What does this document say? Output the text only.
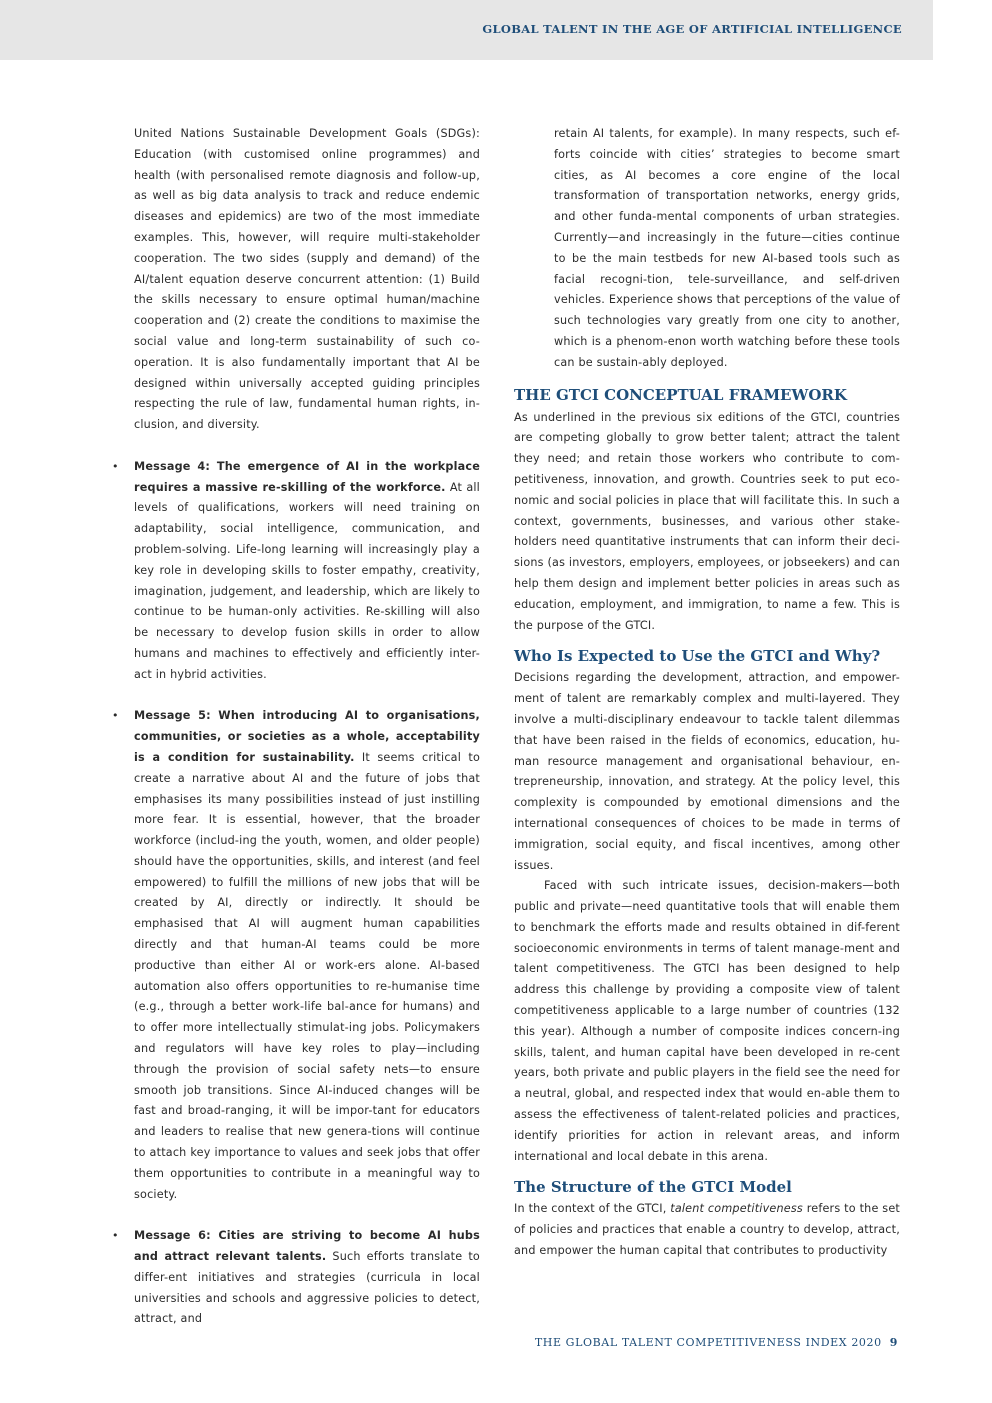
GLOBAL TALENT IN THE AGE OF ARTIFICIAL INTELLIGENCE

United Nations Sustainable Development Goals (SDGs): Education (with customised online programmes) and health (with personalised remote diagnosis and follow-up, as well as big data analysis to track and reduce endemic diseases and epidemics) are two of the most immediate examples. This, however, will require multi-stakeholder cooperation. The two sides (supply and demand) of the AI/talent equation deserve concurrent attention: (1) Build the skills necessary to ensure optimal human/machine cooperation and (2) create the conditions to maximise the social value and long-term sustainability of such co-operation. It is also fundamentally important that AI be designed within universally accepted guiding principles respecting the rule of law, fundamental human rights, in-clusion, and diversity.

• Message 4: The emergence of AI in the workplace requires a massive re-skilling of the workforce. At all levels of qualifications, workers will need training on adaptability, social intelligence, communication, and problem-solving. Life-long learning will increasingly play a key role in developing skills to foster empathy, creativity, imagination, judgement, and leadership, which are likely to continue to be human-only activities. Re-skilling will also be necessary to develop fusion skills in order to allow humans and machines to effectively and efficiently inter-act in hybrid activities.

• Message 5: When introducing AI to organisations, communities, or societies as a whole, acceptability is a condition for sustainability. It seems critical to create a narrative about AI and the future of jobs that emphasises its many possibilities instead of just instilling more fear. It is essential, however, that the broader workforce (includ-ing the youth, women, and older people) should have the opportunities, skills, and interest (and feel empowered) to fulfill the millions of new jobs that will be created by AI, directly or indirectly. It should be emphasised that AI will augment human capabilities directly and that human-AI teams could be more productive than either AI or work-ers alone. AI-based automation also offers opportunities to re-humanise time (e.g., through a better work-life bal-ance for humans) and to offer more intellectually stimulat-ing jobs. Policymakers and regulators will have key roles to play—including through the provision of social safety nets—to ensure smooth job transitions. Since AI-induced changes will be fast and broad-ranging, it will be impor-tant for educators and leaders to realise that new genera-tions will continue to attach key importance to values and seek jobs that offer them opportunities to contribute in a meaningful way to society.

• Message 6: Cities are striving to become AI hubs and attract relevant talents. Such efforts translate to differ-ent initiatives and strategies (curricula in local universities and schools and aggressive policies to detect, attract, and

retain AI talents, for example). In many respects, such ef-forts coincide with cities’ strategies to become smart cities, as AI becomes a core engine of the local transformation of transportation networks, energy grids, and other funda-mental components of urban strategies. Currently—and increasingly in the future—cities continue to be the main testbeds for new AI-based tools such as facial recogni-tion, tele-surveillance, and self-driven vehicles. Experience shows that perceptions of the value of such technologies vary greatly from one city to another, which is a phenom-enon worth watching before these tools can be sustain-ably deployed.

THE GTCI CONCEPTUAL FRAMEWORK

As underlined in the previous six editions of the GTCI, countries are competing globally to grow better talent; attract the talent they need; and retain those workers who contribute to com-petitiveness, innovation, and growth. Countries seek to put eco-nomic and social policies in place that will facilitate this. In such a context, governments, businesses, and various other stake-holders need quantitative instruments that can inform their deci-sions (as investors, employers, employees, or jobseekers) and can help them design and implement better policies in areas such as education, employment, and immigration, to name a few. This is the purpose of the GTCI.

Who Is Expected to Use the GTCI and Why?

Decisions regarding the development, attraction, and empower-ment of talent are remarkably complex and multi-layered. They involve a multi-disciplinary endeavour to tackle talent dilemmas that have been raised in the fields of economics, education, hu-man resource management and organisational behaviour, en-trepreneurship, innovation, and strategy. At the policy level, this complexity is compounded by emotional dimensions and the international consequences of choices to be made in terms of immigration, social equity, and fiscal incentives, among other issues.

Faced with such intricate issues, decision-makers—both public and private—need quantitative tools that will enable them to benchmark the efforts made and results obtained in dif-ferent socioeconomic environments in terms of talent manage-ment and talent competitiveness. The GTCI has been designed to help address this challenge by providing a composite view of talent competitiveness applicable to a large number of countries (132 this year). Although a number of composite indices concern-ing skills, talent, and human capital have been developed in re-cent years, both private and public players in the field see the need for a neutral, global, and respected index that would en-able them to assess the effectiveness of talent-related policies and practices, identify priorities for action in relevant areas, and inform international and local debate in this arena.

The Structure of the GTCI Model

In the context of the GTCI, talent competitiveness refers to the set of policies and practices that enable a country to develop, attract, and empower the human capital that contributes to productivity

THE GLOBAL TALENT COMPETITIVENESS INDEX 2020 9
